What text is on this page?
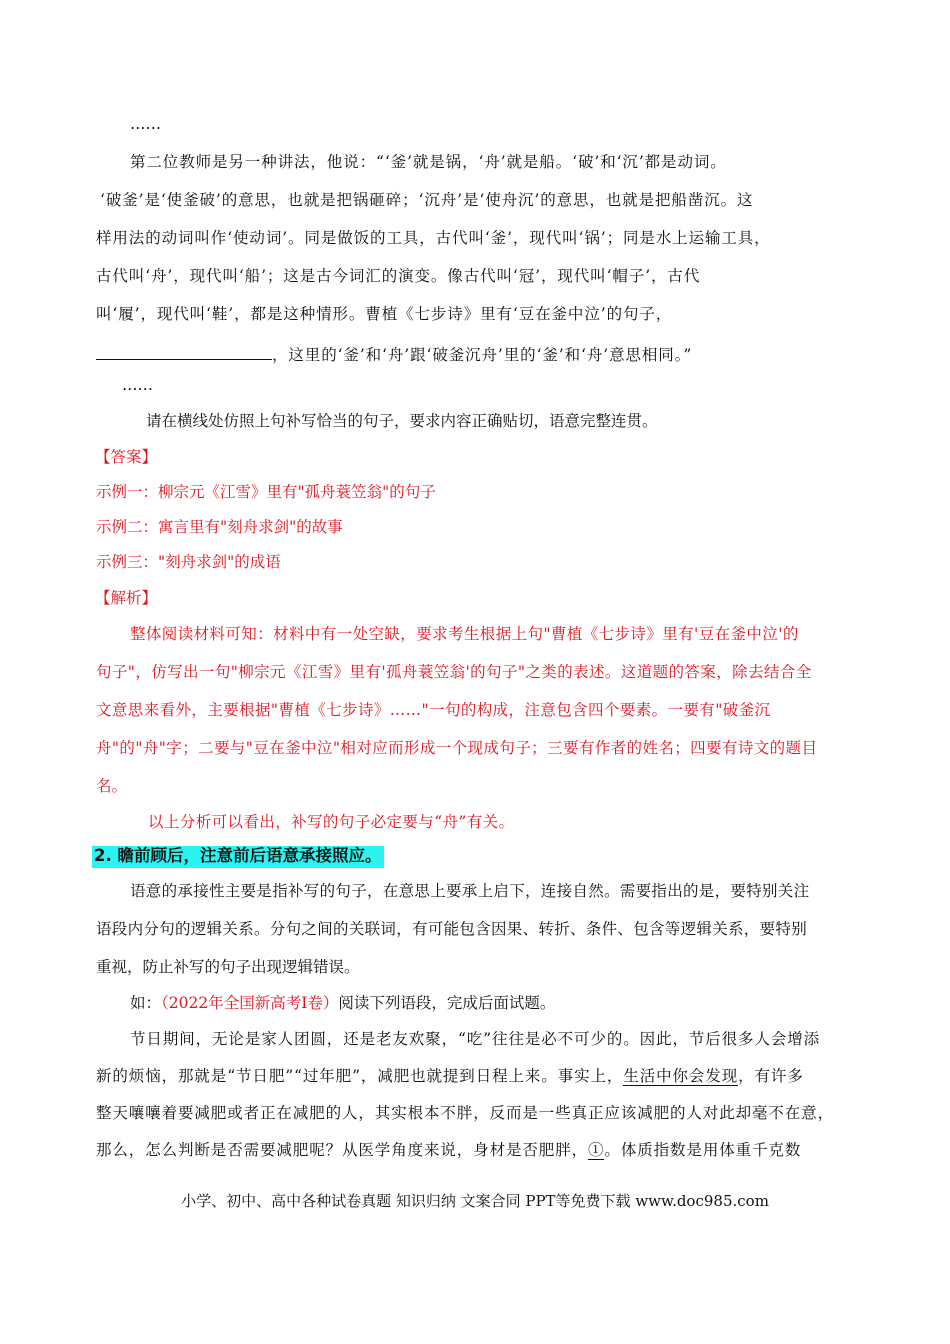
……
第二位教师是另一种讲法，他说：“‘釜’就是锅，‘舟’就是船。‘破’和‘沉’都是动词。
‘破釜’是‘使釜破’的意思，也就是把锅砸碎；‘沉舟’是‘使舟沉’的意思，也就是把船凿沉。这
样用法的动词叫作‘使动词’。同是做饭的工具，古代叫‘釜’，现代叫‘锅’；同是水上运输工具，
古代叫‘舟’，现代叫‘船’；这是古今词汇的演变。像古代叫‘冠’，现代叫‘帽子’，古代
叫‘履’，现代叫‘鞋’，都是这种情形。曹植《七步诗》里有‘豆在釜中泣’的句子，
，这里的‘釜’和‘舟’跟‘破釜沉舟’里的‘釜’和‘舟’意思相同。”
……
请在横线处仿照上句补写恰当的句子，要求内容正确贴切，语意完整连贯。
【答案】
示例一：柳宗元《江雪》里有"孤舟蓑笠翁"的句子
示例二：寓言里有"刻舟求剑"的故事
示例三："刻舟求剑"的成语
【解析】
整体阅读材料可知：材料中有一处空缺，要求考生根据上句"曹植《七步诗》里有'豆在釜中泣'的
句子"，仿写出一句"柳宗元《江雪》里有'孤舟蓑笠翁'的句子"之类的表述。这道题的答案，除去结合全
文意思来看外，主要根据"曹植《七步诗》……"一句的构成，注意包含四个要素。一要有"破釜沉
舟"的"舟"字；二要与"豆在釜中泣"相对应而形成一个现成句子；三要有作者的姓名；四要有诗文的题目
名。
以上分析可以看出，补写的句子必定要与“舟”有关。
2. 瞻前顾后，注意前后语意承接照应。
语意的承接性主要是指补写的句子，在意思上要承上启下，连接自然。需要指出的是，要特别关注
语段内分句的逻辑关系。分句之间的关联词，有可能包含因果、转折、条件、包含等逻辑关系，要特别
重视，防止补写的句子出现逻辑错误。
如：（2022年全国新高考Ⅰ卷）阅读下列语段，完成后面试题。
节日期间，无论是家人团圆，还是老友欢聚，“吃”往往是必不可少的。因此，节后很多人会增添
新的烦恼，那就是“节日肥”“过年肥”，减肥也就提到日程上来。事实上，生活中你会发现，有许多
整天嚷嚷着要减肥或者正在减肥的人，其实根本不胖，反而是一些真正应该减肥的人对此却毫不在意，
那么，怎么判断是否需要减肥呢？从医学角度来说，身材是否肥胖，①。体质指数是用体重千克数
小学、初中、高中各种试卷真题 知识归纳 文案合同 PPT等免费下载 www.doc985.com
